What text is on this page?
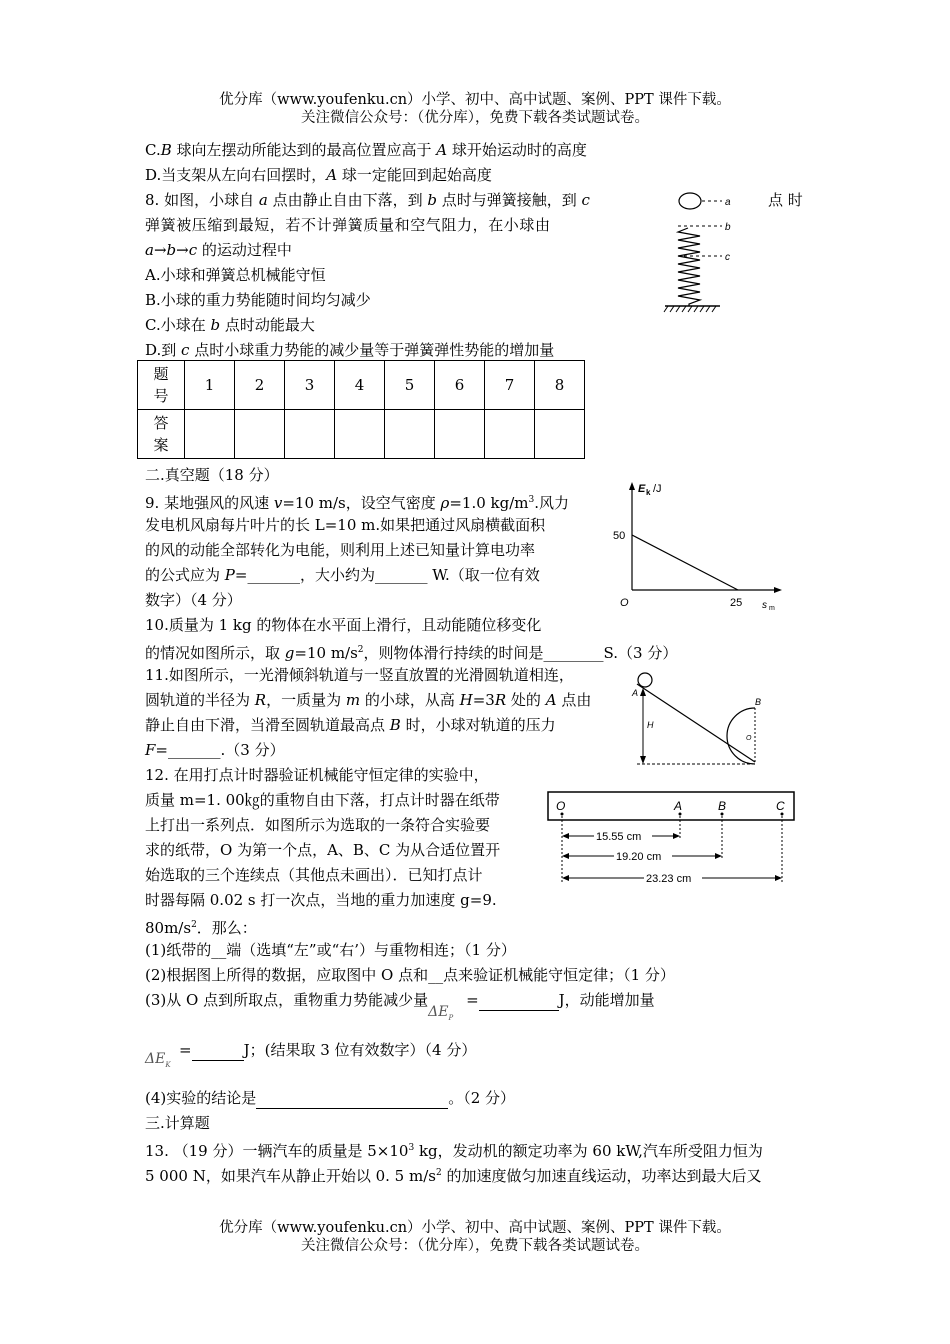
优分库（www.youfenku.cn）小学、初中、高中试题、案例、PPT 课件下载。
关注微信公众号：（优分库），免费下载各类试题试卷。
C.B 球向左摆动所能达到的最高位置应高于 A 球开始运动时的高度
D.当支架从左向右回摆时，A 球一定能回到起始高度
8. 如图，小球自 a 点由静止自由下落，到 b 点时与弹簧接触，到 c	点 时
弹簧被压缩到最短，若不计弹簧质量和空气阻力，在小球由
a→b→c 的运动过程中
A.小球和弹簧总机械能守恒
B.小球的重力势能随时间均匀减少
C.小球在 b 点时动能最大
D.到 c 点时小球重力势能的减少量等于弹簧弹性势能的增加量
a
b
c
题
号	1	2	3	4	5	6	7	8
答
案								
二.真空题（18 分）
9. 某地强风的风速 v=10 m/s，设空气密度 ρ=1.0 $kg/m^3$.风力
发电机风扇每片叶片的长 L=10 m.如果把通过风扇横截面积
的风的动能全部转化为电能，则利用上述已知量计算电功率
的公式应为 P=_______，大小约为_______ W.（取一位有效
数字）（4 分）
E k /J
s m
O
50
25
10.质量为 1 kg 的物体在水平面上滑行，且动能随位移变化
的情况如图所示，取 g=10 $m/s^2$，则物体滑行持续的时间是________S.（3 分）
11.如图所示，一光滑倾斜轨道与一竖直放置的光滑圆轨道相连，
圆轨道的半径为 R，一质量为 m 的小球，从高 H=3R 处的 A 点由
静止自由下滑，当滑至圆轨道最高点 B 时，小球对轨道的压力
F=_______.（3 分）
A
H
B
O
12. 在用打点计时器验证机械能守恒定律的实验中，
质量 m=1. 00㎏的重物自由下落，打点计时器在纸带
上打出一系列点．如图所示为选取的一条符合实验要
求的纸带，O 为第一个点，A、B、C 为从合适位置开
始选取的三个连续点（其他点未画出）．已知打点计
时器每隔 0.02 s 打一次点，当地的重力加速度 g=9.
$80m/s^2$．那么：
O	A	B	C
15.55 cm
19.20 cm
23.23 cm
(1)纸带的__端（选填“左”或“右’）与重物相连；（1 分）
(2)根据图上所得的数据，应取图中 O 点和__点来验证机械能守恒定律；（1 分）
(3)从 O 点到所取点，重物重力势能减少量$\Delta E_P=$	J，动能增加量
$\Delta E_K=$	J；(结果取 3 位有效数字）（4 分）
(4)实验的结论是	。（2 分）
三.计算题
13. （19 分）一辆汽车的质量是 $5\times 10^3$ kg，发动机的额定功率为 60 kW,汽车所受阻力恒为
5 000 N，如果汽车从静止开始以 0. 5 $m/s^2$ 的加速度做匀加速直线运动，功率达到最大后又
优分库（www.youfenku.cn）小学、初中、高中试题、案例、PPT 课件下载。
关注微信公众号：（优分库），免费下载各类试题试卷。
